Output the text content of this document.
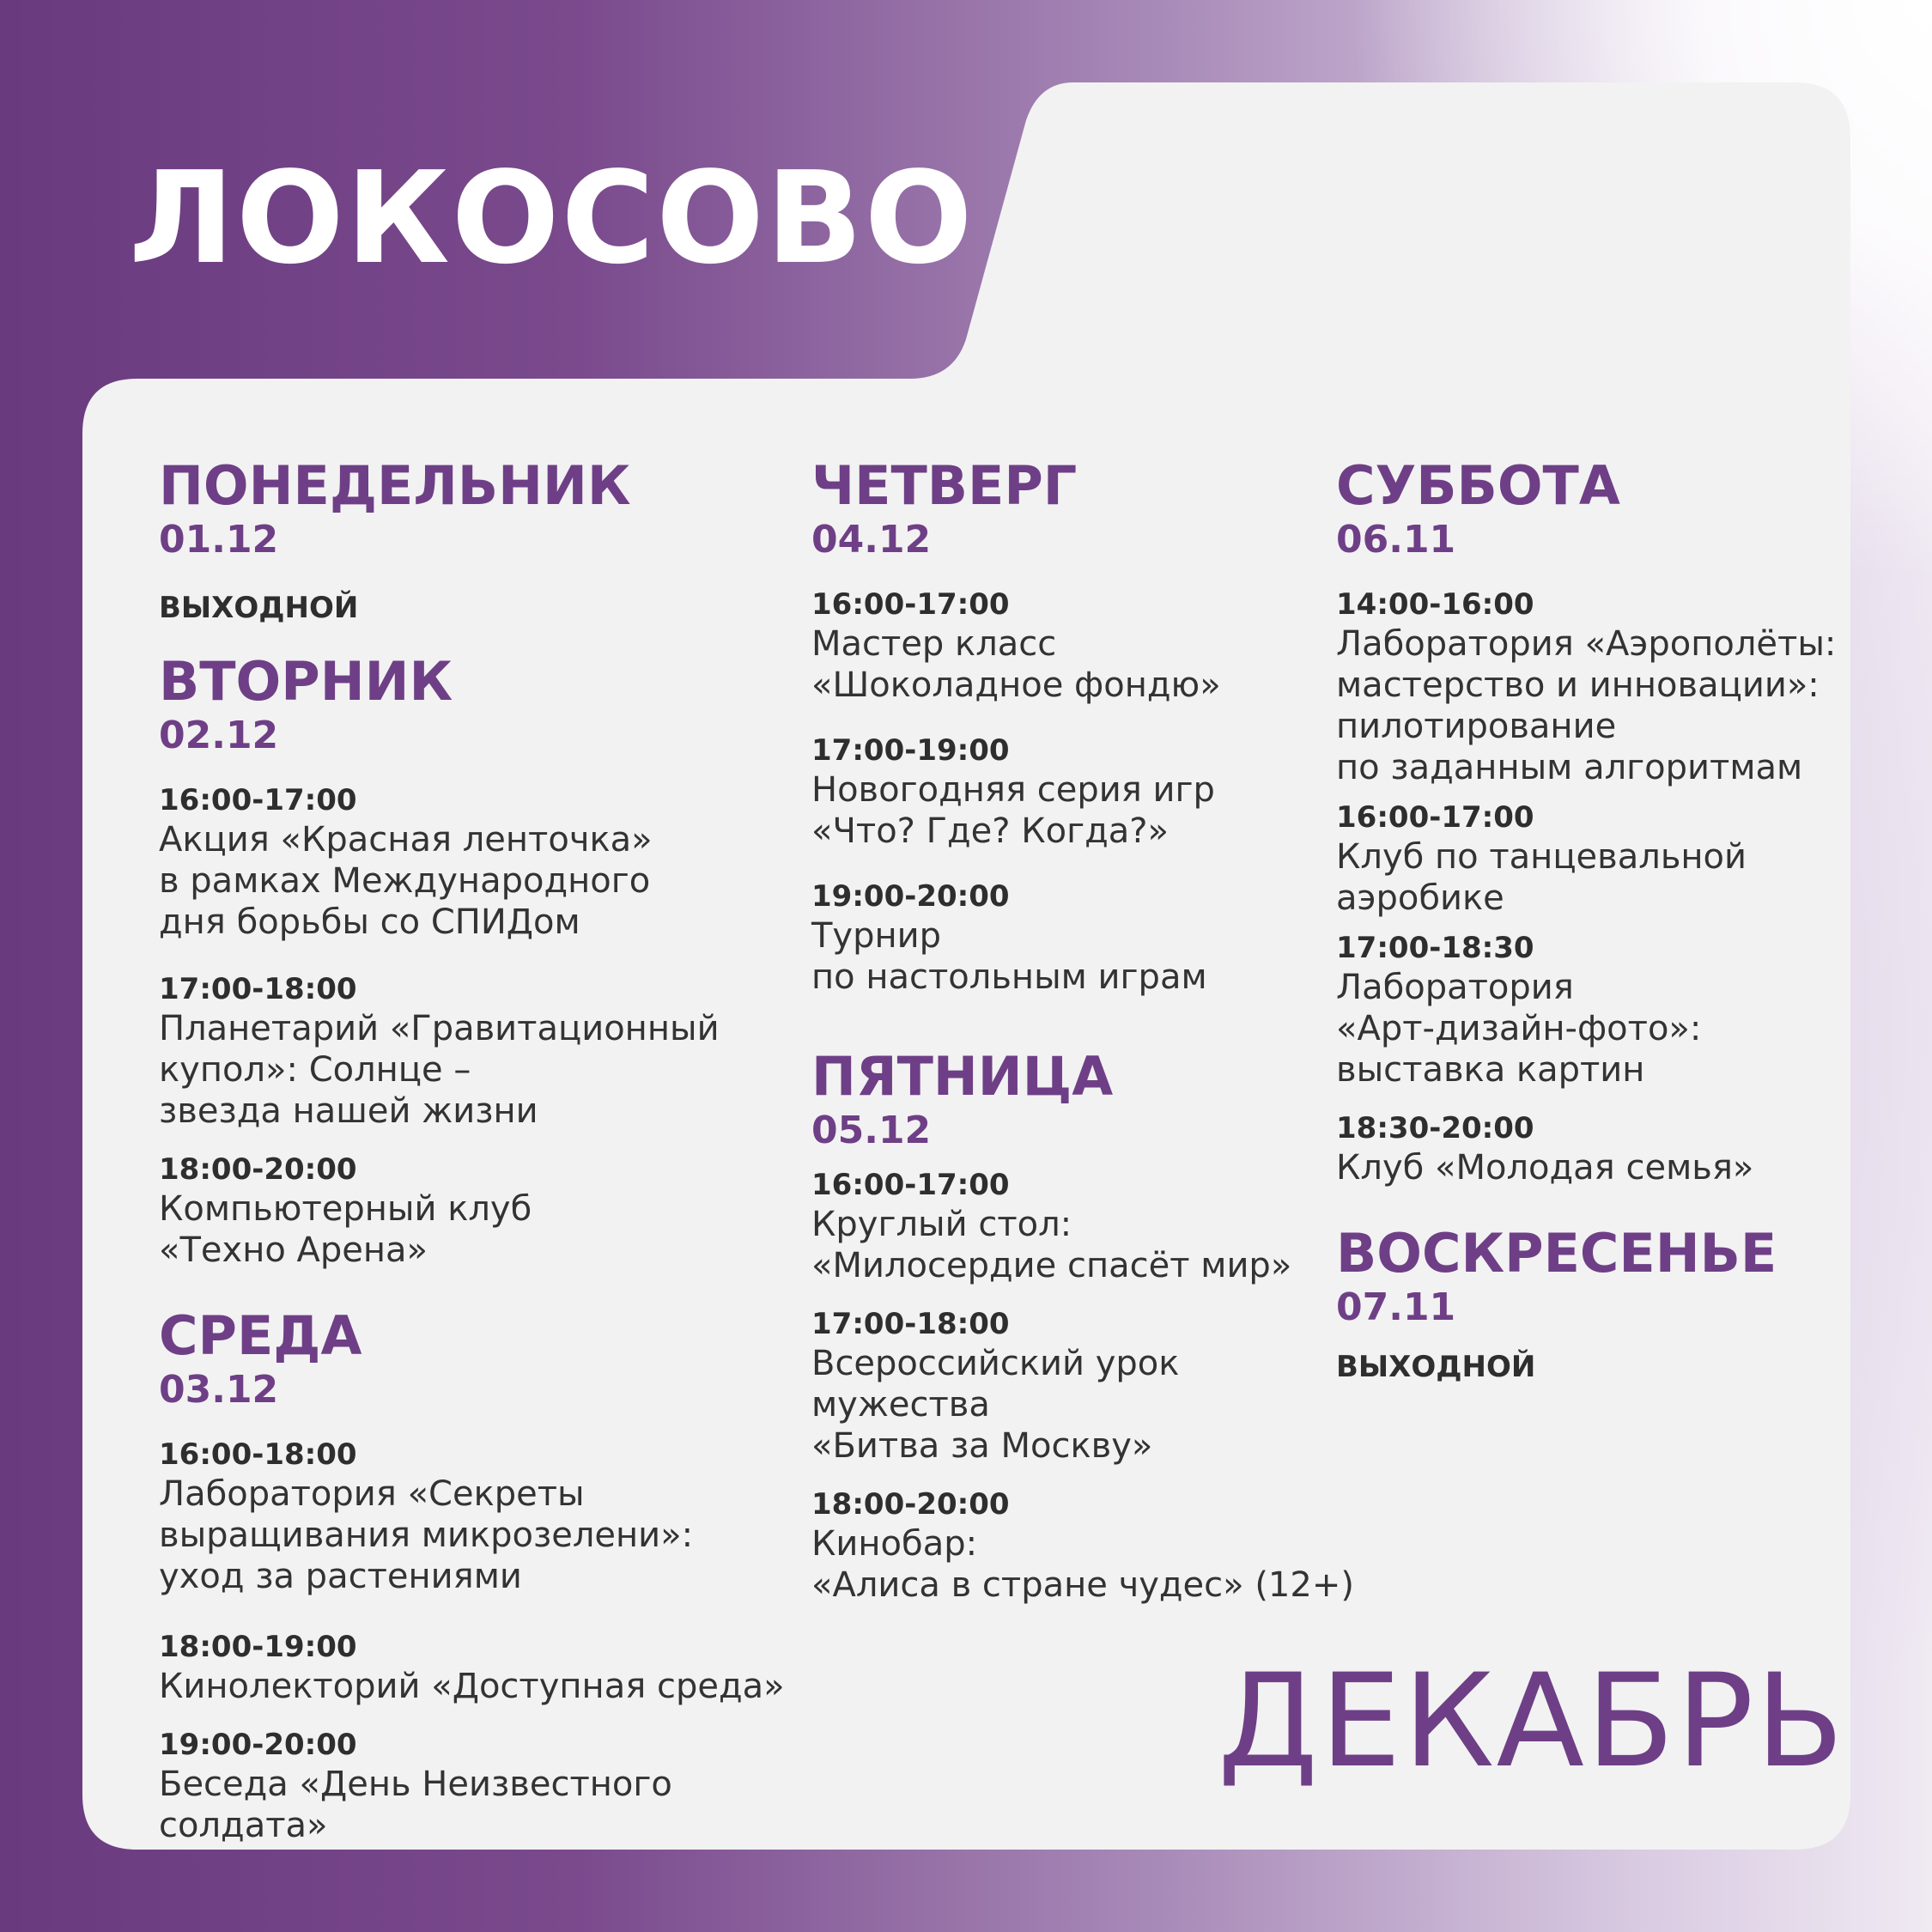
ЛОКОСОВО
ПОНЕДЕЛЬНИК
01.12
ВЫХОДНОЙ
ВТОРНИК
02.12
16:00-17:00
Акция «Красная ленточка»
в рамках Международного
дня борьбы со СПИДом
17:00-18:00
Планетарий «Гравитационный
купол»: Солнце –
звезда нашей жизни
18:00-20:00
Компьютерный клуб
«Техно Арена»
СРЕДА
03.12
16:00-18:00
Лаборатория «Секреты
выращивания микрозелени»:
уход за растениями
18:00-19:00
Кинолекторий «Доступная среда»
19:00-20:00
Беседа «День Неизвестного солдата»
ЧЕТВЕРГ
04.12
16:00-17:00
Мастер класс
«Шоколадное фондю»
17:00-19:00
Новогодняя серия игр
«Что? Где? Когда?»
19:00-20:00
Турнир
по настольным играм
ПЯТНИЦА
05.12
16:00-17:00
Круглый стол:
«Милосердие спасёт мир»
17:00-18:00
Всероссийский урок
мужества
«Битва за Москву»
18:00-20:00
Кинобар:
«Алиса в стране чудес» (12+)
СУББОТА
06.11
14:00-16:00
Лаборатория «Аэрополёты:
мастерство и инновации»:
пилотирование
по заданным алгоритмам
16:00-17:00
Клуб по танцевальной
аэробике
17:00-18:30
Лаборатория
«Арт-дизайн-фото»:
выставка картин
18:30-20:00
Клуб «Молодая семья»
ВОСКРЕСЕНЬЕ
07.11
ВЫХОДНОЙ
ДЕКАБРЬ
